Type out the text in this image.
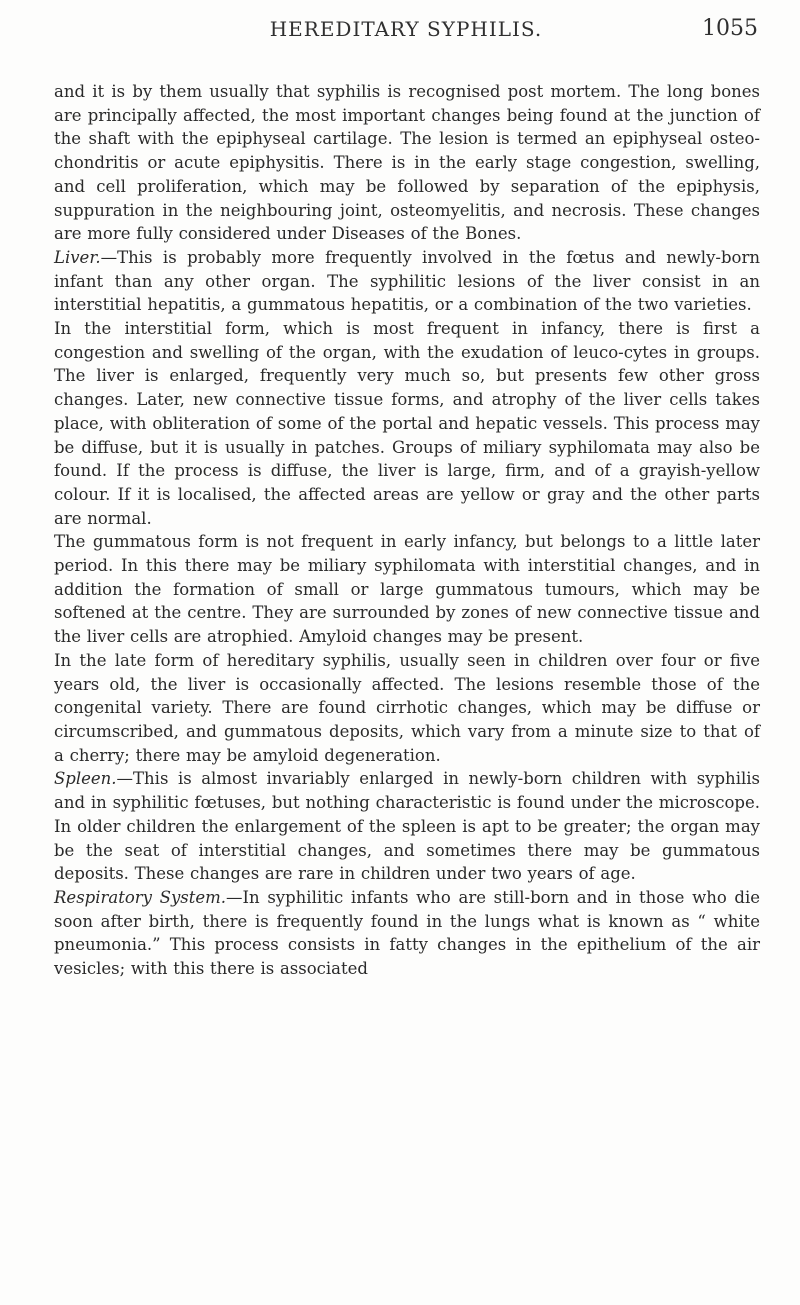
HEREDITARY SYPHILIS.	1055

and it is by them usually that syphilis is recognised post mortem. The long bones are principally affected, the most important changes being found at the junction of the shaft with the epiphyseal cartilage. The lesion is termed an epiphyseal osteo-chondritis or acute epiphysitis. There is in the early stage congestion, swelling, and cell proliferation, which may be followed by separation of the epiphysis, suppuration in the neighbouring joint, osteomyelitis, and necrosis. These changes are more fully considered under Diseases of the Bones.

Liver.—This is probably more frequently involved in the fœtus and newly-born infant than any other organ. The syphilitic lesions of the liver consist in an interstitial hepatitis, a gummatous hepatitis, or a combination of the two varieties.

In the interstitial form, which is most frequent in infancy, there is first a congestion and swelling of the organ, with the exudation of leuco-cytes in groups. The liver is enlarged, frequently very much so, but presents few other gross changes. Later, new connective tissue forms, and atrophy of the liver cells takes place, with obliteration of some of the portal and hepatic vessels. This process may be diffuse, but it is usually in patches. Groups of miliary syphilomata may also be found. If the process is diffuse, the liver is large, firm, and of a grayish-yellow colour. If it is localised, the affected areas are yellow or gray and the other parts are normal.

The gummatous form is not frequent in early infancy, but belongs to a little later period. In this there may be miliary syphilomata with interstitial changes, and in addition the formation of small or large gummatous tumours, which may be softened at the centre. They are surrounded by zones of new connective tissue and the liver cells are atrophied. Amyloid changes may be present.

In the late form of hereditary syphilis, usually seen in children over four or five years old, the liver is occasionally affected. The lesions resemble those of the congenital variety. There are found cirrhotic changes, which may be diffuse or circumscribed, and gummatous deposits, which vary from a minute size to that of a cherry; there may be amyloid degeneration.

Spleen.—This is almost invariably enlarged in newly-born children with syphilis and in syphilitic fœtuses, but nothing characteristic is found under the microscope. In older children the enlargement of the spleen is apt to be greater; the organ may be the seat of interstitial changes, and sometimes there may be gummatous deposits. These changes are rare in children under two years of age.

Respiratory System.—In syphilitic infants who are still-born and in those who die soon after birth, there is frequently found in the lungs what is known as “ white pneumonia.” This process consists in fatty changes in the epithelium of the air vesicles; with this there is associated
